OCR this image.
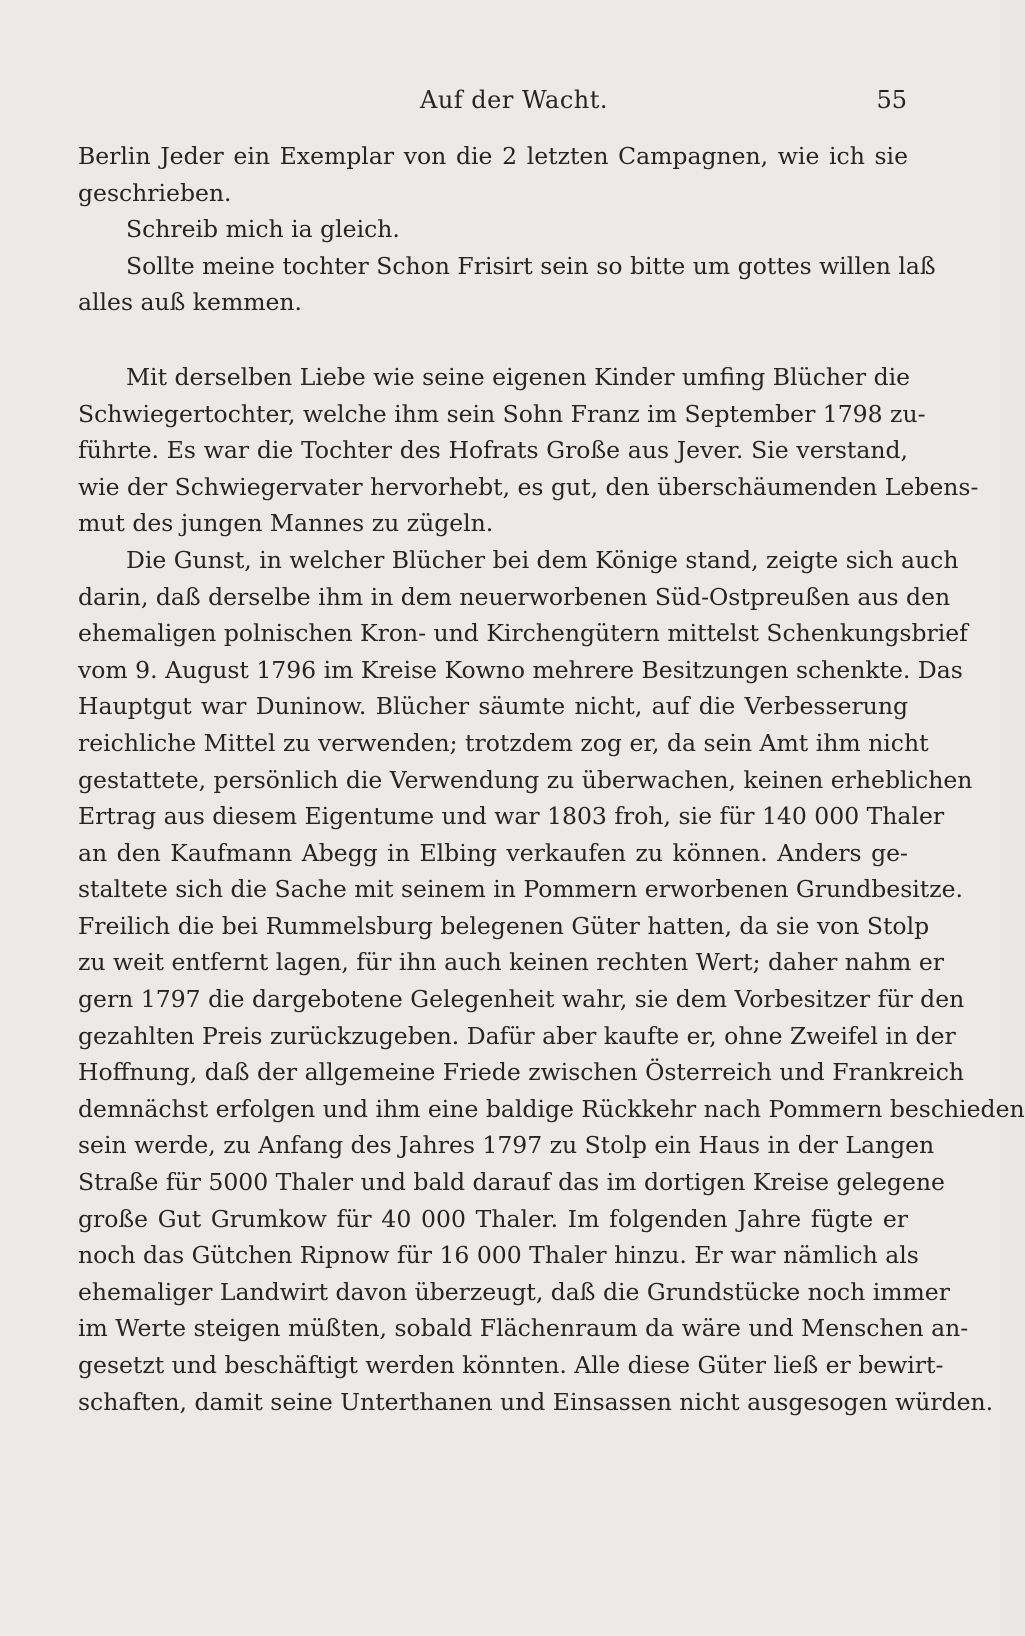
Auf der Wacht.	55
Berlin Jeder ein Exemplar von die 2 letzten Campagnen, wie ich sie
geschrieben.
Schreib mich ia gleich.
Sollte meine tochter Schon Frisirt sein so bitte um gottes willen laß
alles auß kemmen.
Mit derselben Liebe wie seine eigenen Kinder umfing Blücher die
Schwiegertochter, welche ihm sein Sohn Franz im September 1798 zu-
führte. Es war die Tochter des Hofrats Große aus Jever. Sie verstand,
wie der Schwiegervater hervorhebt, es gut, den überschäumenden Lebens-
mut des jungen Mannes zu zügeln.
Die Gunst, in welcher Blücher bei dem Könige stand, zeigte sich auch
darin, daß derselbe ihm in dem neuerworbenen Süd-Ostpreußen aus den
ehemaligen polnischen Kron- und Kirchengütern mittelst Schenkungsbrief
vom 9. August 1796 im Kreise Kowno mehrere Besitzungen schenkte. Das
Hauptgut war Duninow. Blücher säumte nicht, auf die Verbesserung
reichliche Mittel zu verwenden; trotzdem zog er, da sein Amt ihm nicht
gestattete, persönlich die Verwendung zu überwachen, keinen erheblichen
Ertrag aus diesem Eigentume und war 1803 froh, sie für 140 000 Thaler
an den Kaufmann Abegg in Elbing verkaufen zu können. Anders ge-
staltete sich die Sache mit seinem in Pommern erworbenen Grundbesitze.
Freilich die bei Rummelsburg belegenen Güter hatten, da sie von Stolp
zu weit entfernt lagen, für ihn auch keinen rechten Wert; daher nahm er
gern 1797 die dargebotene Gelegenheit wahr, sie dem Vorbesitzer für den
gezahlten Preis zurückzugeben. Dafür aber kaufte er, ohne Zweifel in der
Hoffnung, daß der allgemeine Friede zwischen Österreich und Frankreich
demnächst erfolgen und ihm eine baldige Rückkehr nach Pommern beschieden
sein werde, zu Anfang des Jahres 1797 zu Stolp ein Haus in der Langen
Straße für 5000 Thaler und bald darauf das im dortigen Kreise gelegene
große Gut Grumkow für 40 000 Thaler. Im folgenden Jahre fügte er
noch das Gütchen Ripnow für 16 000 Thaler hinzu. Er war nämlich als
ehemaliger Landwirt davon überzeugt, daß die Grundstücke noch immer
im Werte steigen müßten, sobald Flächenraum da wäre und Menschen an-
gesetzt und beschäftigt werden könnten. Alle diese Güter ließ er bewirt-
schaften, damit seine Unterthanen und Einsassen nicht ausgesogen würden.
